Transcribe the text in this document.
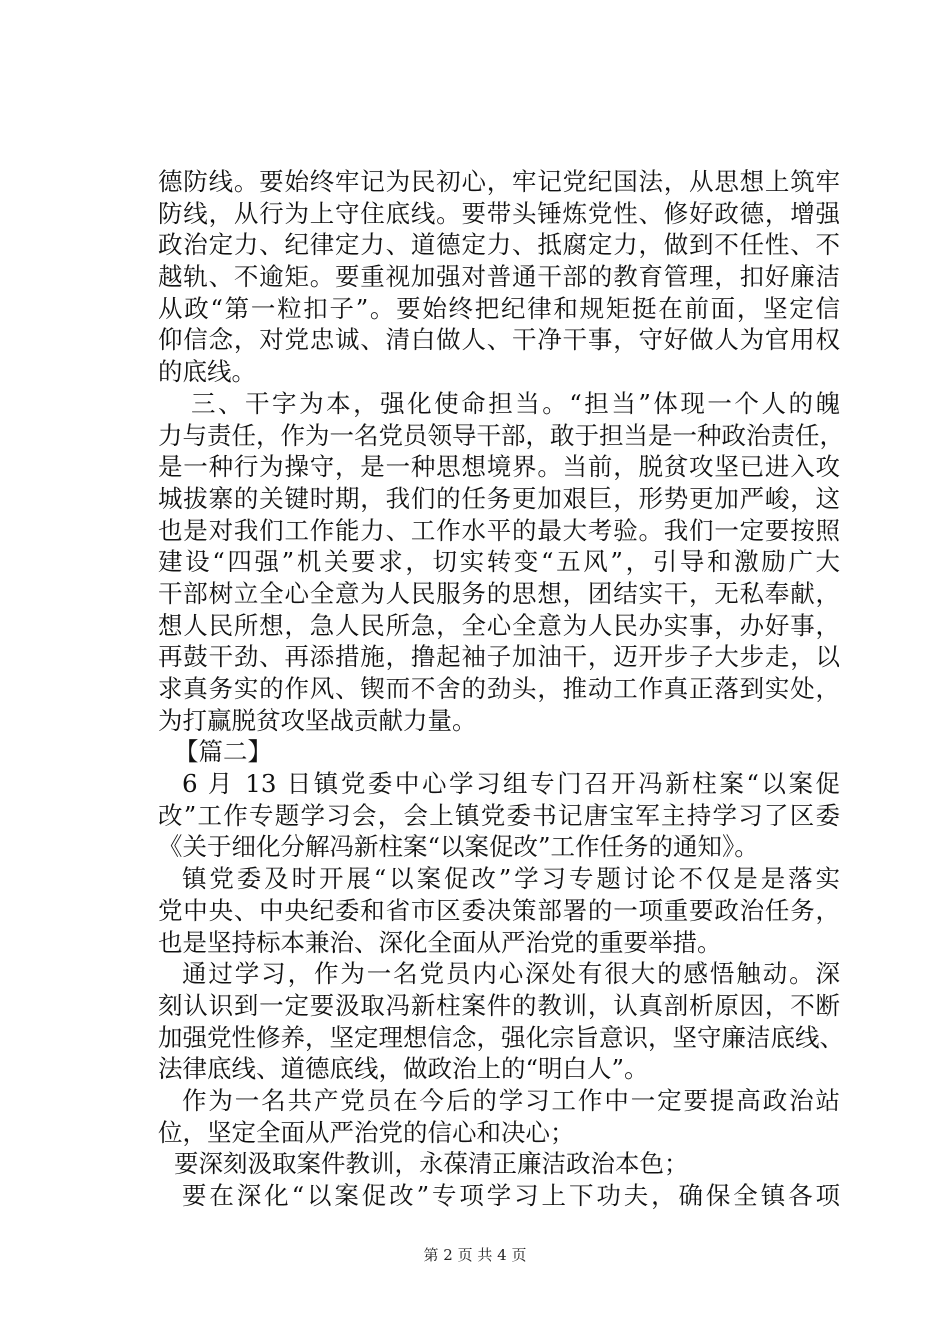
德防线。要始终牢记为民初心，牢记党纪国法，从思想上筑牢
防线，从行为上守住底线。要带头锤炼党性、修好政德，增强
政治定力、纪律定力、道德定力、抵腐定力，做到不任性、不
越轨、不逾矩。要重视加强对普通干部的教育管理，扣好廉洁
从政“第一粒扣子”。要始终把纪律和规矩挺在前面，坚定信
仰信念，对党忠诚、清白做人、干净干事，守好做人为官用权
的底线。
三、干字为本，强化使命担当。“担当”体现一个人的魄
力与责任，作为一名党员领导干部，敢于担当是一种政治责任，
是一种行为操守，是一种思想境界。当前，脱贫攻坚已进入攻
城拔寨的关键时期，我们的任务更加艰巨，形势更加严峻，这
也是对我们工作能力、工作水平的最大考验。我们一定要按照
建设“四强”机关要求，切实转变“五风”，引导和激励广大
干部树立全心全意为人民服务的思想，团结实干，无私奉献，
想人民所想，急人民所急，全心全意为人民办实事，办好事，
再鼓干劲、再添措施，撸起袖子加油干，迈开步子大步走，以
求真务实的作风、锲而不舍的劲头，推动工作真正落到实处，
为打赢脱贫攻坚战贡献力量。
【篇二】
6 月 13 日镇党委中心学习组专门召开冯新柱案“以案促
改”工作专题学习会，会上镇党委书记唐宝军主持学习了区委
《关于细化分解冯新柱案“以案促改”工作任务的通知》。
镇党委及时开展“以案促改”学习专题讨论不仅是是落实
党中央、中央纪委和省市区委决策部署的一项重要政治任务，
也是坚持标本兼治、深化全面从严治党的重要举措。
通过学习，作为一名党员内心深处有很大的感悟触动。深
刻认识到一定要汲取冯新柱案件的教训，认真剖析原因，不断
加强党性修养，坚定理想信念，强化宗旨意识，坚守廉洁底线、
法律底线、道德底线，做政治上的“明白人”。
作为一名共产党员在今后的学习工作中一定要提高政治站
位，坚定全面从严治党的信心和决心；
要深刻汲取案件教训，永葆清正廉洁政治本色；
要在深化“以案促改”专项学习上下功夫，确保全镇各项
第 2 页 共 4 页
